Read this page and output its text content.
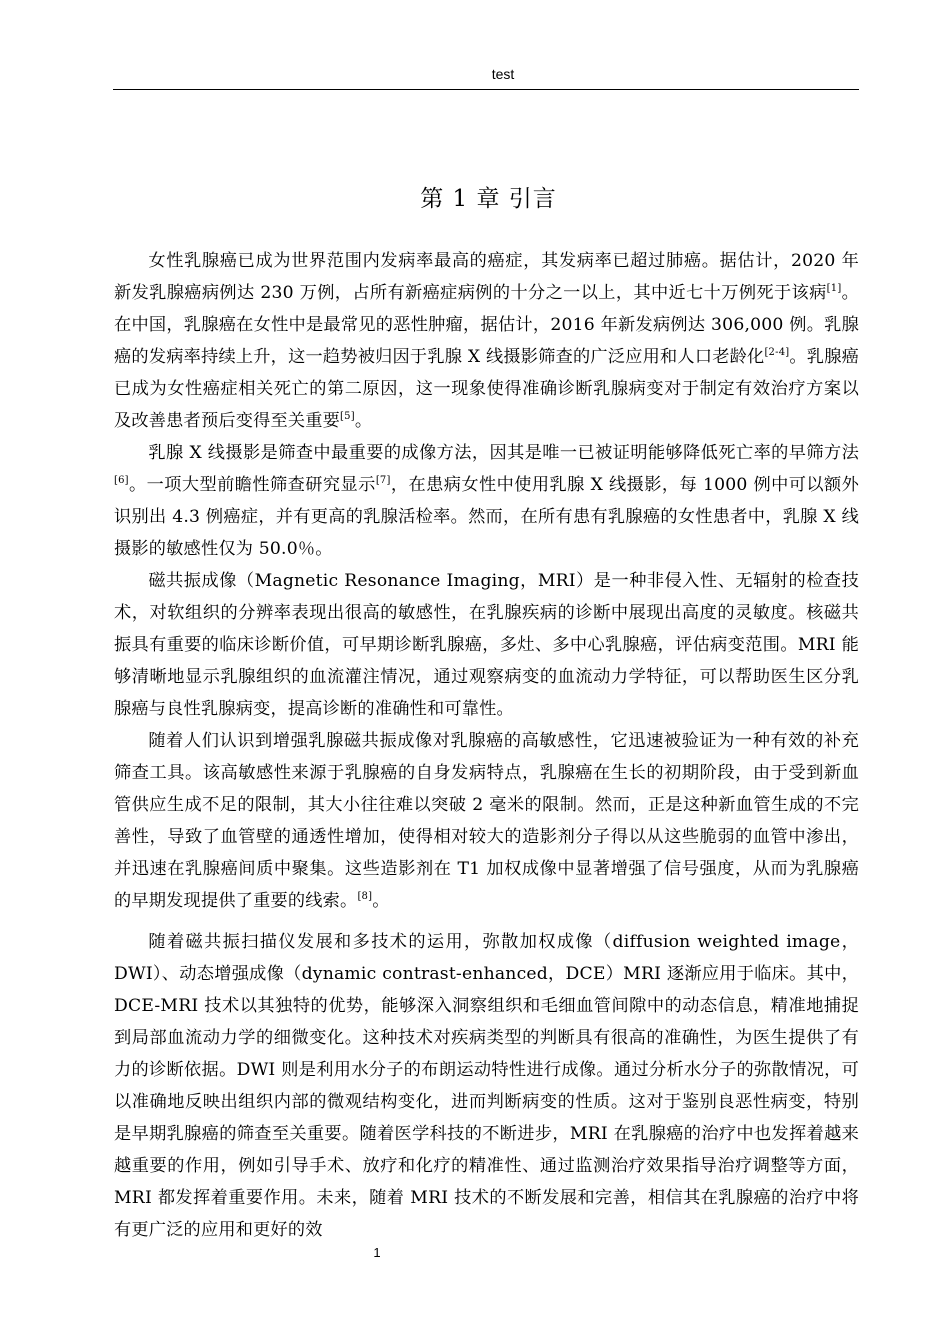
test
第 1 章 引言

女性乳腺癌已成为世界范围内发病率最高的癌症，其发病率已超过肺癌。据估计，2020 年新发乳腺癌病例达 230 万例，占所有新癌症病例的十分之一以上，其中近七十万例死于该病[1]。在中国，乳腺癌在女性中是最常见的恶性肿瘤，据估计，2016 年新发病例达 306,000 例。乳腺癌的发病率持续上升，这一趋势被归因于乳腺 X 线摄影筛查的广泛应用和人口老龄化[2-4]。乳腺癌已成为女性癌症相关死亡的第二原因，这一现象使得准确诊断乳腺病变对于制定有效治疗方案以及改善患者预后变得至关重要[5]。

乳腺 X 线摄影是筛查中最重要的成像方法，因其是唯一已被证明能够降低死亡率的早筛方法[6]。一项大型前瞻性筛查研究显示[7]，在患病女性中使用乳腺 X 线摄影，每 1000 例中可以额外识别出 4.3 例癌症，并有更高的乳腺活检率。然而，在所有患有乳腺癌的女性患者中，乳腺 X 线摄影的敏感性仅为 50.0％。

磁共振成像（Magnetic Resonance Imaging，MRI）是一种非侵入性、无辐射的检查技术，对软组织的分辨率表现出很高的敏感性，在乳腺疾病的诊断中展现出高度的灵敏度。核磁共振具有重要的临床诊断价值，可早期诊断乳腺癌，多灶、多中心乳腺癌，评估病变范围。MRI 能够清晰地显示乳腺组织的血流灌注情况，通过观察病变的血流动力学特征，可以帮助医生区分乳腺癌与良性乳腺病变，提高诊断的准确性和可靠性。

随着人们认识到增强乳腺磁共振成像对乳腺癌的高敏感性，它迅速被验证为一种有效的补充筛查工具。该高敏感性来源于乳腺癌的自身发病特点，乳腺癌在生长的初期阶段，由于受到新血管供应生成不足的限制，其大小往往难以突破 2 毫米的限制。然而，正是这种新血管生成的不完善性，导致了血管壁的通透性增加，使得相对较大的造影剂分子得以从这些脆弱的血管中渗出，并迅速在乳腺癌间质中聚集。这些造影剂在 T1 加权成像中显著增强了信号强度，从而为乳腺癌的早期发现提供了重要的线索。[8]。

随着磁共振扫描仪发展和多技术的运用，弥散加权成像（diffusion weighted image，DWI）、动态增强成像（dynamic contrast-enhanced，DCE）MRI 逐渐应用于临床。其中，DCE-MRI 技术以其独特的优势，能够深入洞察组织和毛细血管间隙中的动态信息，精准地捕捉到局部血流动力学的细微变化。这种技术对疾病类型的判断具有很高的准确性，为医生提供了有力的诊断依据。DWI 则是利用水分子的布朗运动特性进行成像。通过分析水分子的弥散情况，可以准确地反映出组织内部的微观结构变化，进而判断病变的性质。这对于鉴别良恶性病变，特别是早期乳腺癌的筛查至关重要。随着医学科技的不断进步，MRI 在乳腺癌的治疗中也发挥着越来越重要的作用，例如引导手术、放疗和化疗的精准性、通过监测治疗效果指导治疗调整等方面，MRI 都发挥着重要作用。未来，随着 MRI 技术的不断发展和完善，相信其在乳腺癌的治疗中将有更广泛的应用和更好的效

1
